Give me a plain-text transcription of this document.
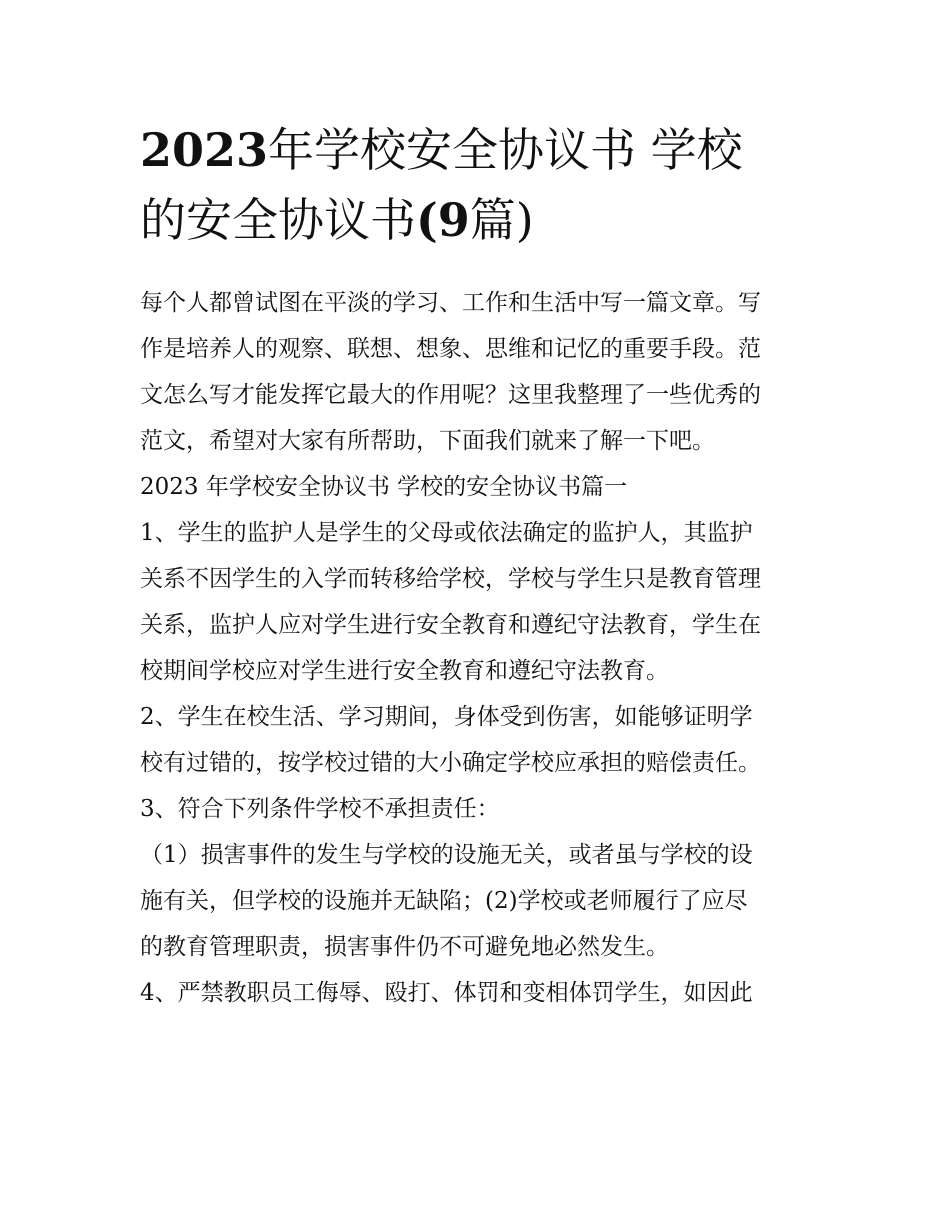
2023年学校安全协议书 学校
的安全协议书(9篇)
每个人都曾试图在平淡的学习、工作和生活中写一篇文章。写
作是培养人的观察、联想、想象、思维和记忆的重要手段。范
文怎么写才能发挥它最大的作用呢？这里我整理了一些优秀的
范文，希望对大家有所帮助，下面我们就来了解一下吧。
2023 年学校安全协议书 学校的安全协议书篇一
1、学生的监护人是学生的父母或依法确定的监护人，其监护
关系不因学生的入学而转移给学校，学校与学生只是教育管理
关系，监护人应对学生进行安全教育和遵纪守法教育，学生在
校期间学校应对学生进行安全教育和遵纪守法教育。
2、学生在校生活、学习期间，身体受到伤害，如能够证明学
校有过错的，按学校过错的大小确定学校应承担的赔偿责任。
3、符合下列条件学校不承担责任：
（1）损害事件的发生与学校的设施无关，或者虽与学校的设
施有关，但学校的设施并无缺陷；(2)学校或老师履行了应尽
的教育管理职责，损害事件仍不可避免地必然发生。
4、严禁教职员工侮辱、殴打、体罚和变相体罚学生，如因此
